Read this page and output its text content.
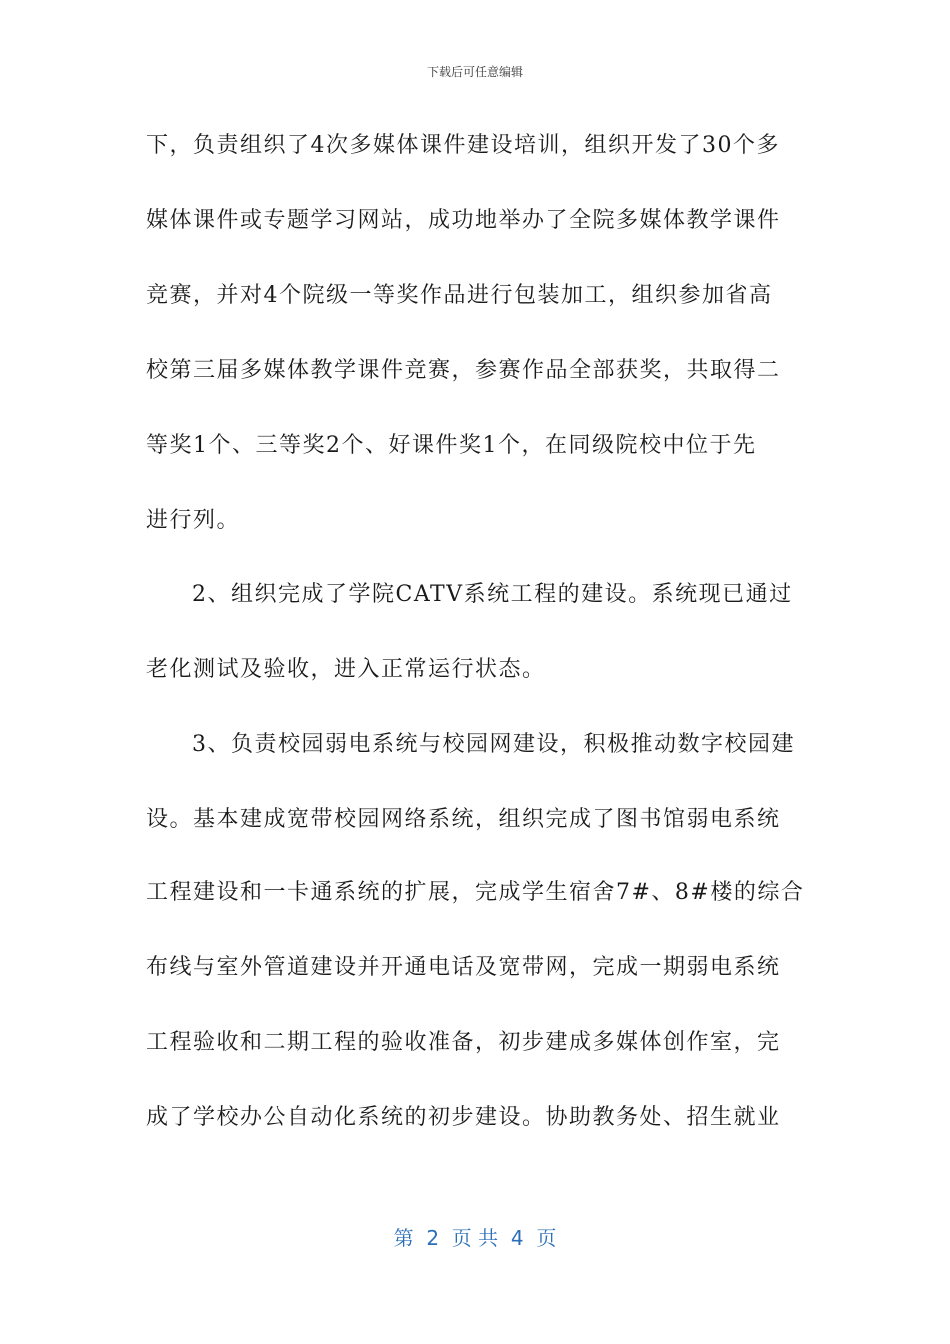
下载后可任意编辑
下，负责组织了4次多媒体课件建设培训，组织开发了30个多
媒体课件或专题学习网站，成功地举办了全院多媒体教学课件
竞赛，并对4个院级一等奖作品进行包装加工，组织参加省高
校第三届多媒体教学课件竞赛，参赛作品全部获奖，共取得二
等奖1个、三等奖2个、好课件奖1个，在同级院校中位于先
进行列。
2、组织完成了学院CATV系统工程的建设。系统现已通过
老化测试及验收，进入正常运行状态。
3、负责校园弱电系统与校园网建设，积极推动数字校园建
设。基本建成宽带校园网络系统，组织完成了图书馆弱电系统
工程建设和一卡通系统的扩展，完成学生宿舍7#、8#楼的综合
布线与室外管道建设并开通电话及宽带网，完成一期弱电系统
工程验收和二期工程的验收准备，初步建成多媒体创作室，完
成了学校办公自动化系统的初步建设。协助教务处、招生就业
第  2  页 共  4  页
